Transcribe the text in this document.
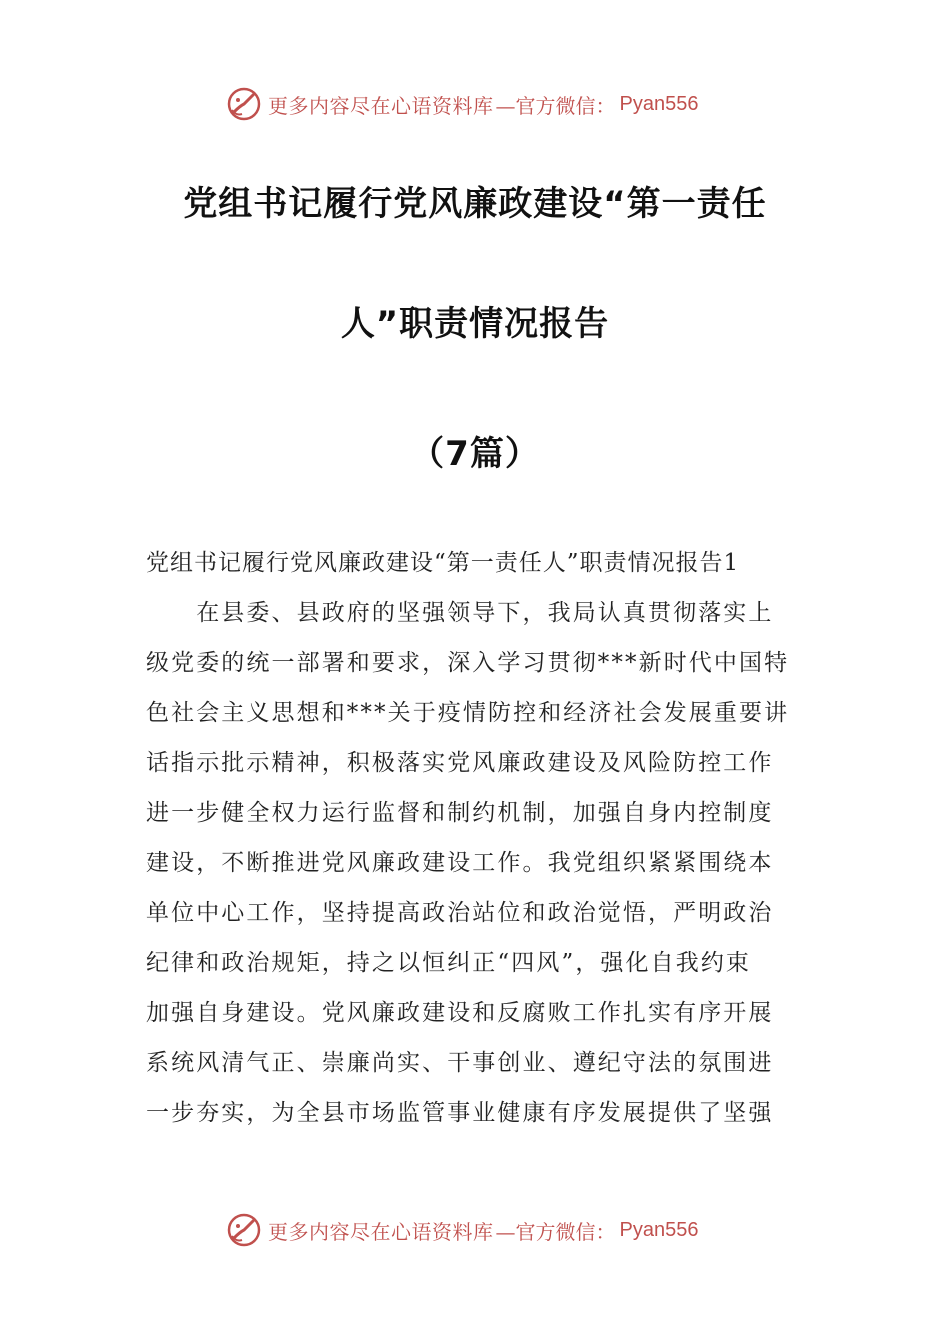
更多内容尽在心语资料库 —官方微信： Pyan556
党组书记履行党风廉政建设“第一责任
人”职责情况报告
（7篇）
党组书记履行党风廉政建设“第一责任人”职责情况报告1
　　在县委、县政府的坚强领导下，我局认真贯彻落实上
级党委的统一部署和要求，深入学习贯彻***新时代中国特
色社会主义思想和***关于疫情防控和经济社会发展重要讲
话指示批示精神，积极落实党风廉政建设及风险防控工作
进一步健全权力运行监督和制约机制，加强自身内控制度
建设，不断推进党风廉政建设工作。我党组织紧紧围绕本
单位中心工作，坚持提高政治站位和政治觉悟，严明政治
纪律和政治规矩，持之以恒纠正“四风”，强化自我约束
加强自身建设。党风廉政建设和反腐败工作扎实有序开展
系统风清气正、崇廉尚实、干事创业、遵纪守法的氛围进
一步夯实，为全县市场监管事业健康有序发展提供了坚强
更多内容尽在心语资料库 —官方微信： Pyan556
